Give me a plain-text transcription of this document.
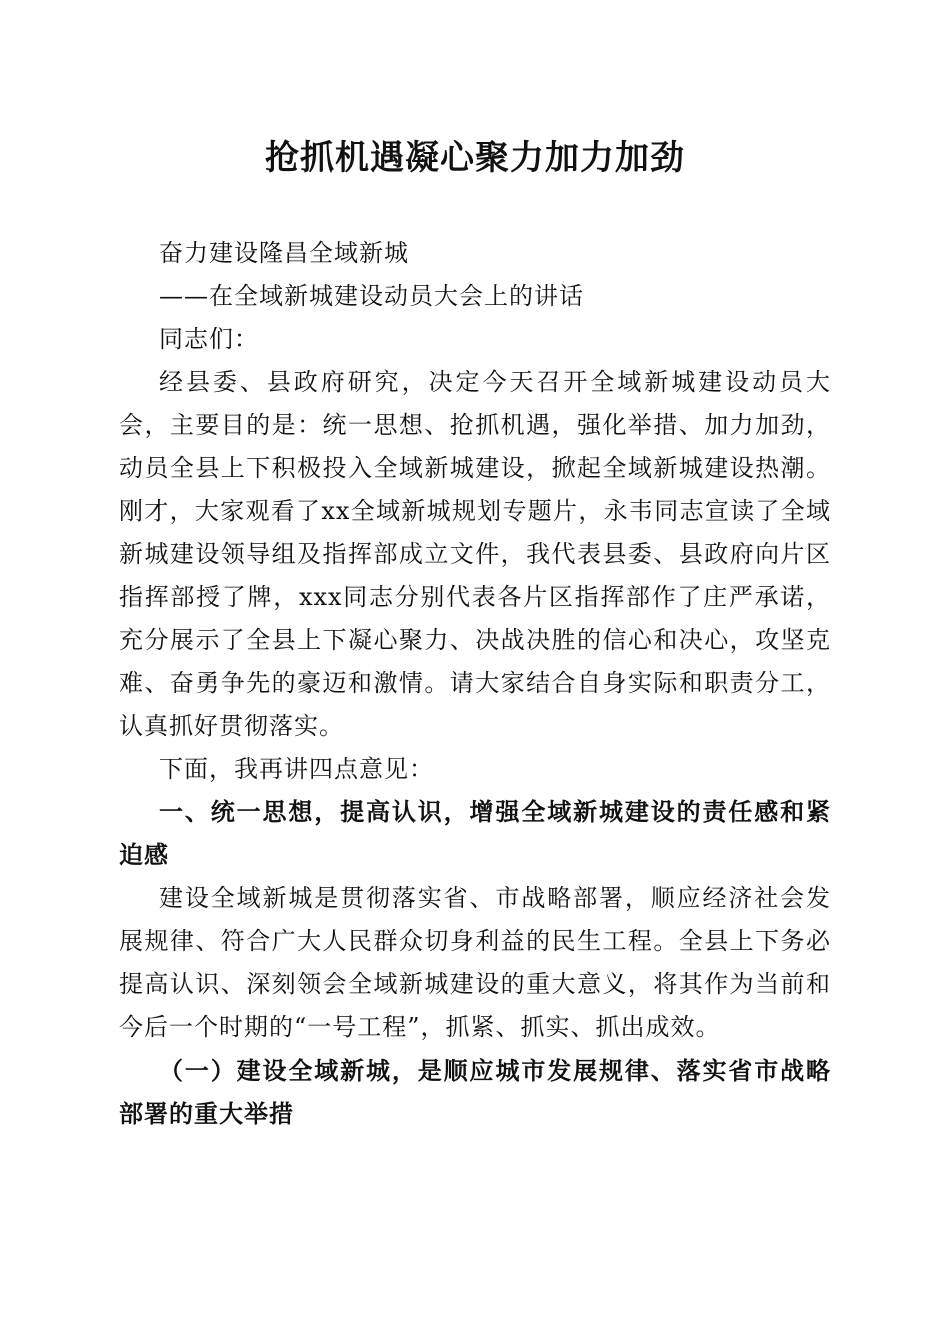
抢抓机遇凝心聚力加力加劲

奋力建设隆昌全域新城

——在全域新城建设动员大会上的讲话

同志们：

经县委、县政府研究，决定今天召开全域新城建设动员大会，主要目的是：统一思想、抢抓机遇，强化举措、加力加劲，动员全县上下积极投入全域新城建设，掀起全域新城建设热潮。刚才，大家观看了xx全域新城规划专题片，永韦同志宣读了全域新城建设领导组及指挥部成立文件，我代表县委、县政府向片区指挥部授了牌，xxx同志分别代表各片区指挥部作了庄严承诺，充分展示了全县上下凝心聚力、决战决胜的信心和决心，攻坚克难、奋勇争先的豪迈和激情。请大家结合自身实际和职责分工，认真抓好贯彻落实。

下面，我再讲四点意见：

一、统一思想，提高认识，增强全域新城建设的责任感和紧迫感

建设全域新城是贯彻落实省、市战略部署，顺应经济社会发展规律、符合广大人民群众切身利益的民生工程。全县上下务必提高认识、深刻领会全域新城建设的重大意义，将其作为当前和今后一个时期的“一号工程”，抓紧、抓实、抓出成效。

（一）建设全域新城，是顺应城市发展规律、落实省市战略部署的重大举措
